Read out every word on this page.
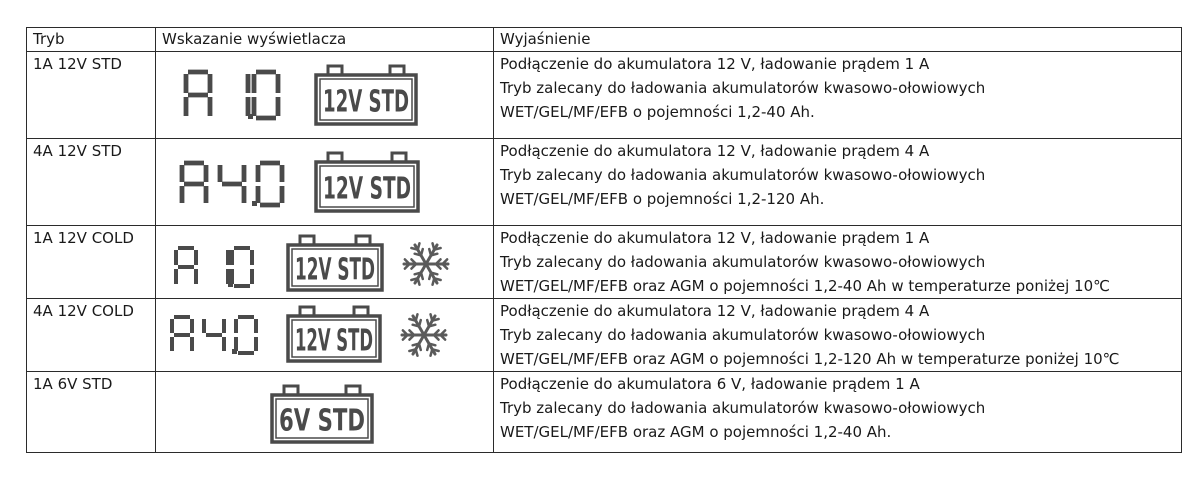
Tryb	Wskazanie wyświetlacza	Wyjaśnienie
1A 12V STD	12V STD	Podłączenie do akumulatora 12 V, ładowanie prądem 1 A
Tryb zalecany do ładowania akumulatorów kwasowo-ołowiowych
WET/GEL/MF/EFB o pojemności 1,2-40 Ah.

4A 12V STD	12V STD	Podłączenie do akumulatora 12 V, ładowanie prądem 4 A
Tryb zalecany do ładowania akumulatorów kwasowo-ołowiowych
WET/GEL/MF/EFB o pojemności 1,2-120 Ah.

1A 12V COLD	12V STD	Podłączenie do akumulatora 12 V, ładowanie prądem 1 A
Tryb zalecany do ładowania akumulatorów kwasowo-ołowiowych
WET/GEL/MF/EFB oraz AGM o pojemności 1,2-40 Ah w temperaturze poniżej 10℃

4A 12V COLD	12V STD	Podłączenie do akumulatora 12 V, ładowanie prądem 4 A
Tryb zalecany do ładowania akumulatorów kwasowo-ołowiowych
WET/GEL/MF/EFB oraz AGM o pojemności 1,2-120 Ah w temperaturze poniżej 10℃

1A 6V STD	6V STD	Podłączenie do akumulatora 6 V, ładowanie prądem 1 A
Tryb zalecany do ładowania akumulatorów kwasowo-ołowiowych
WET/GEL/MF/EFB oraz AGM o pojemności 1,2-40 Ah.
